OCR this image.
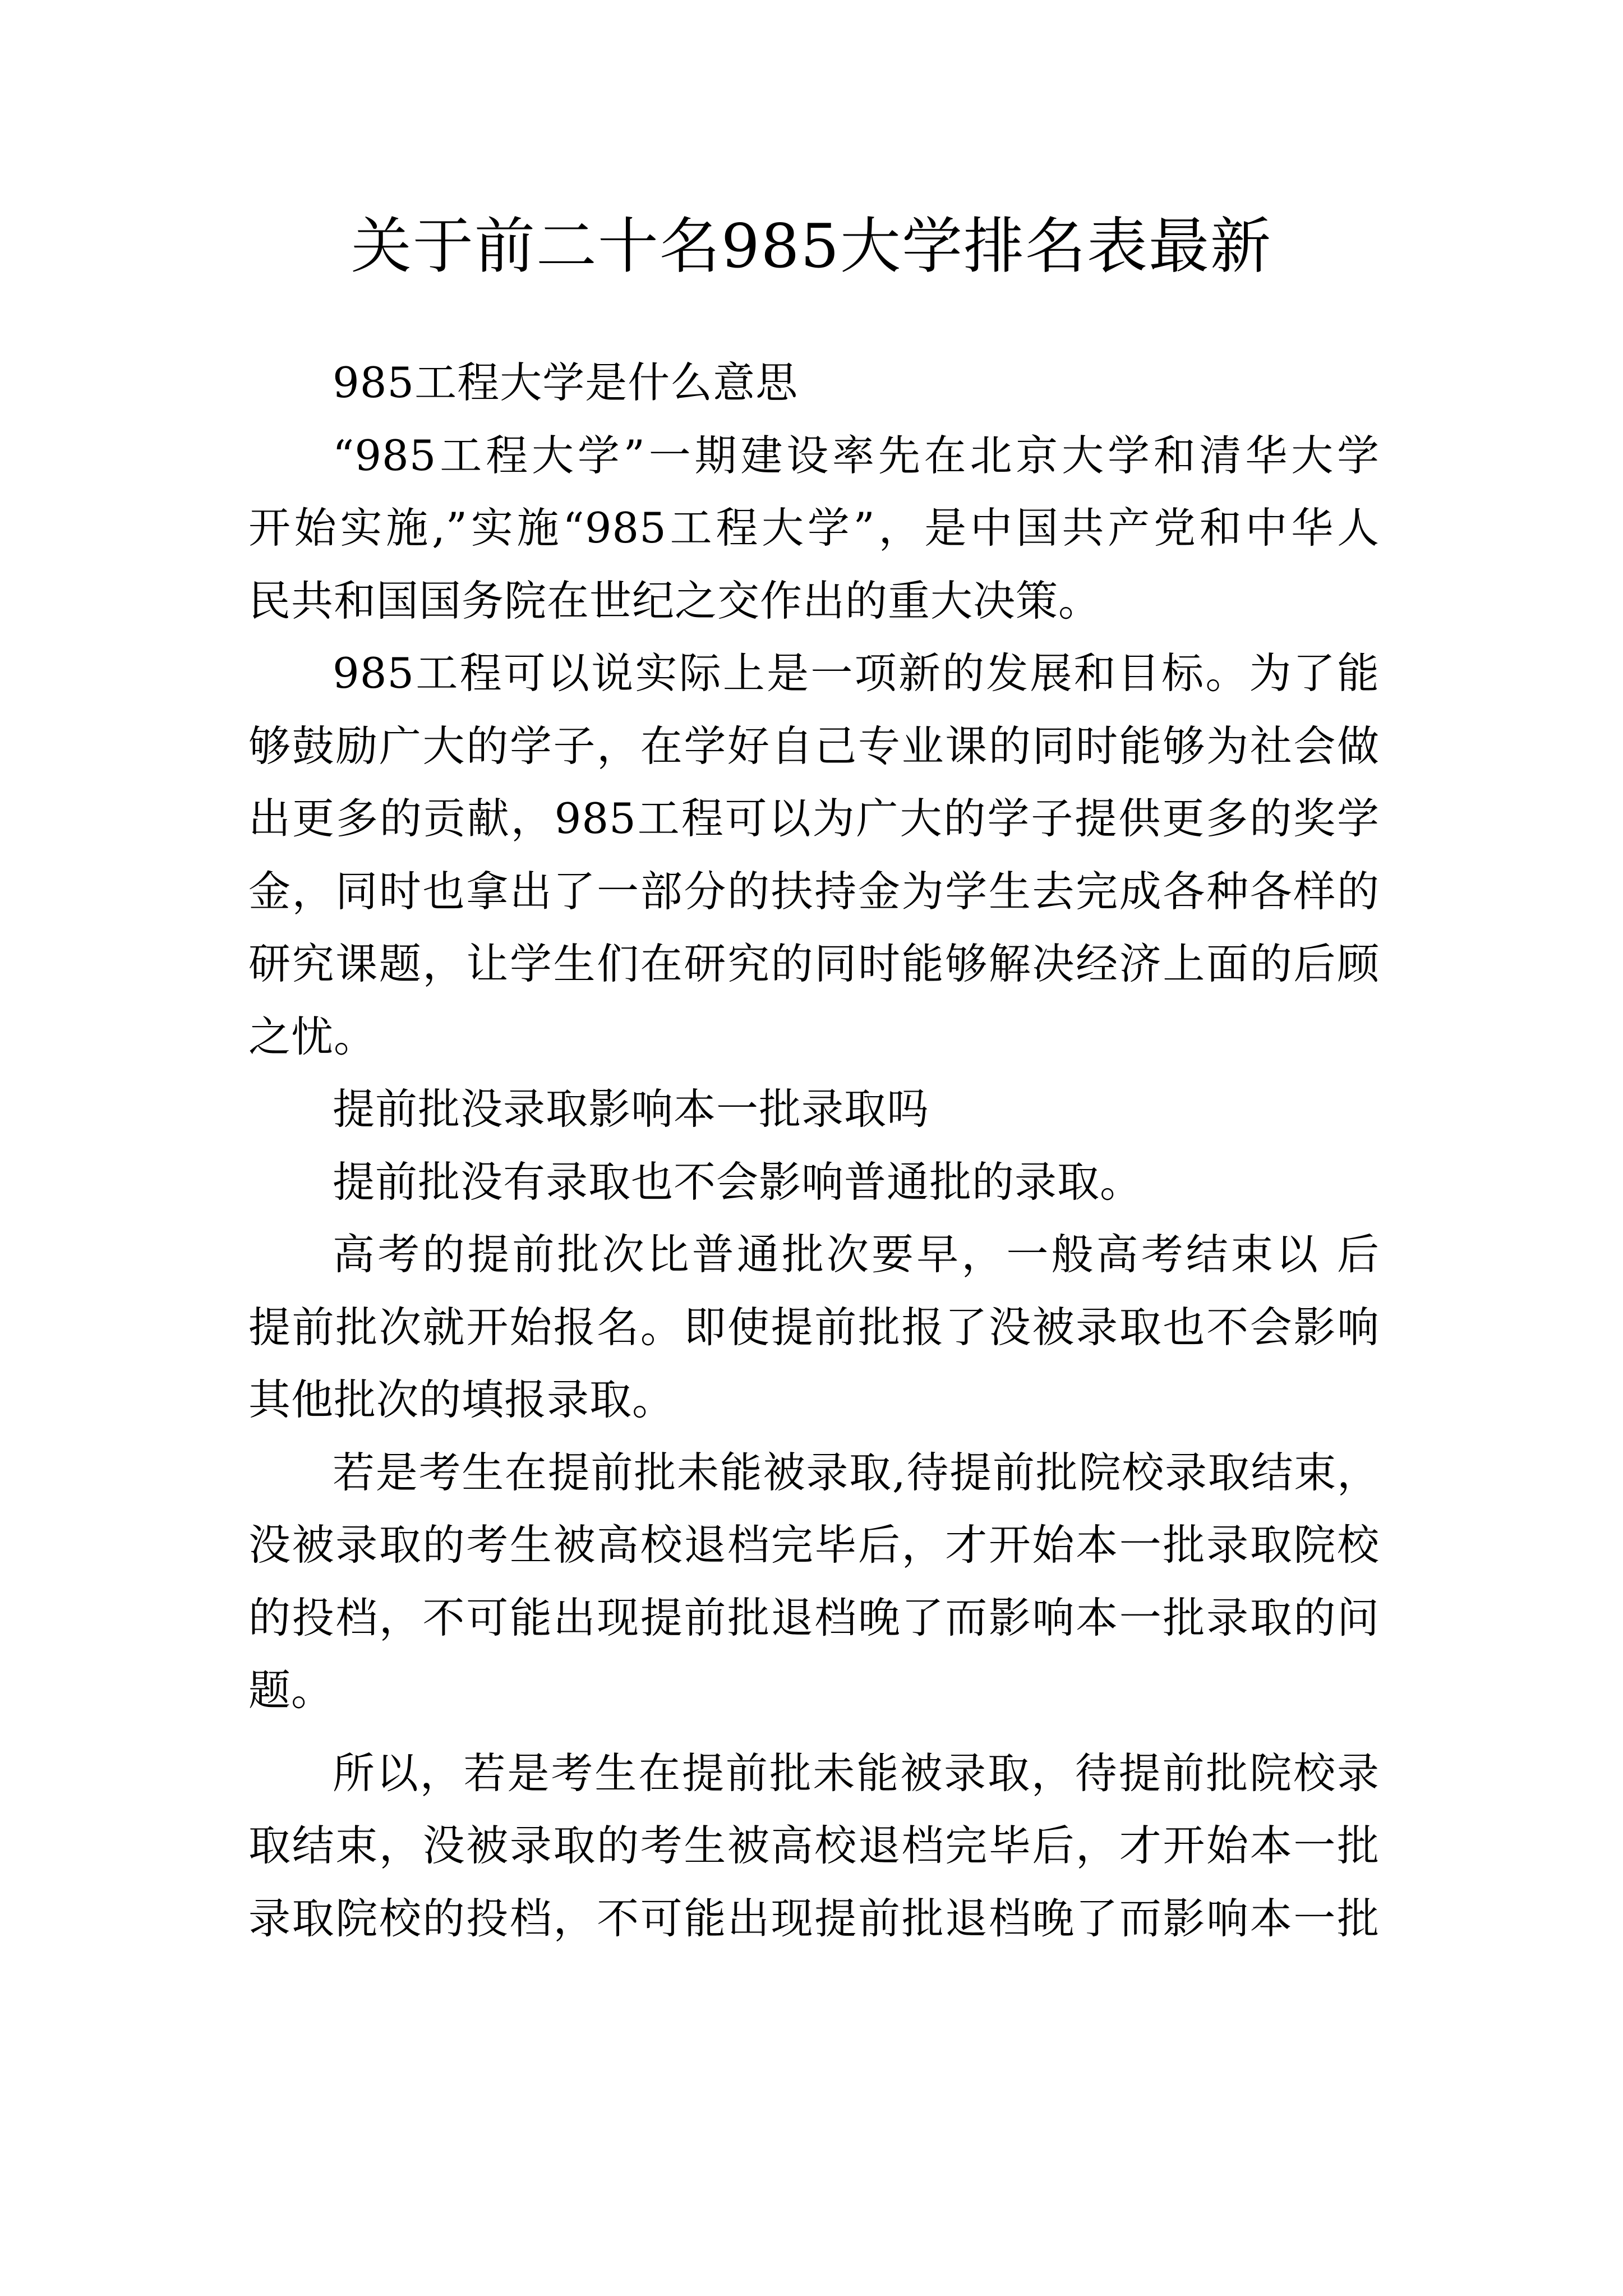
关于前二十名985大学排名表最新
985工程大学是什么意思
“985工程大学”一期建设率先在北京大学和清华大学
开始实施,”实施“985工程大学”，是中国共产党和中华人
民共和国国务院在世纪之交作出的重大决策。
985工程可以说实际上是一项新的发展和目标。为了能
够鼓励广大的学子，在学好自己专业课的同时能够为社会做
出更多的贡献，985工程可以为广大的学子提供更多的奖学
金，同时也拿出了一部分的扶持金为学生去完成各种各样的
研究课题，让学生们在研究的同时能够解决经济上面的后顾
之忧。
提前批没录取影响本一批录取吗
提前批没有录取也不会影响普通批的录取。
高考的提前批次比普通批次要早，一般高考结束以 后
提前批次就开始报名。即使提前批报了没被录取也不会影响
其他批次的填报录取。
若是考生在提前批未能被录取,待提前批院校录取结束，
没被录取的考生被高校退档完毕后，才开始本一批录取院校
的投档，不可能出现提前批退档晚了而影响本一批录取的问
题。
所以，若是考生在提前批未能被录取，待提前批院校录
取结束，没被录取的考生被高校退档完毕后，才开始本一批
录取院校的投档，不可能出现提前批退档晚了而影响本一批
